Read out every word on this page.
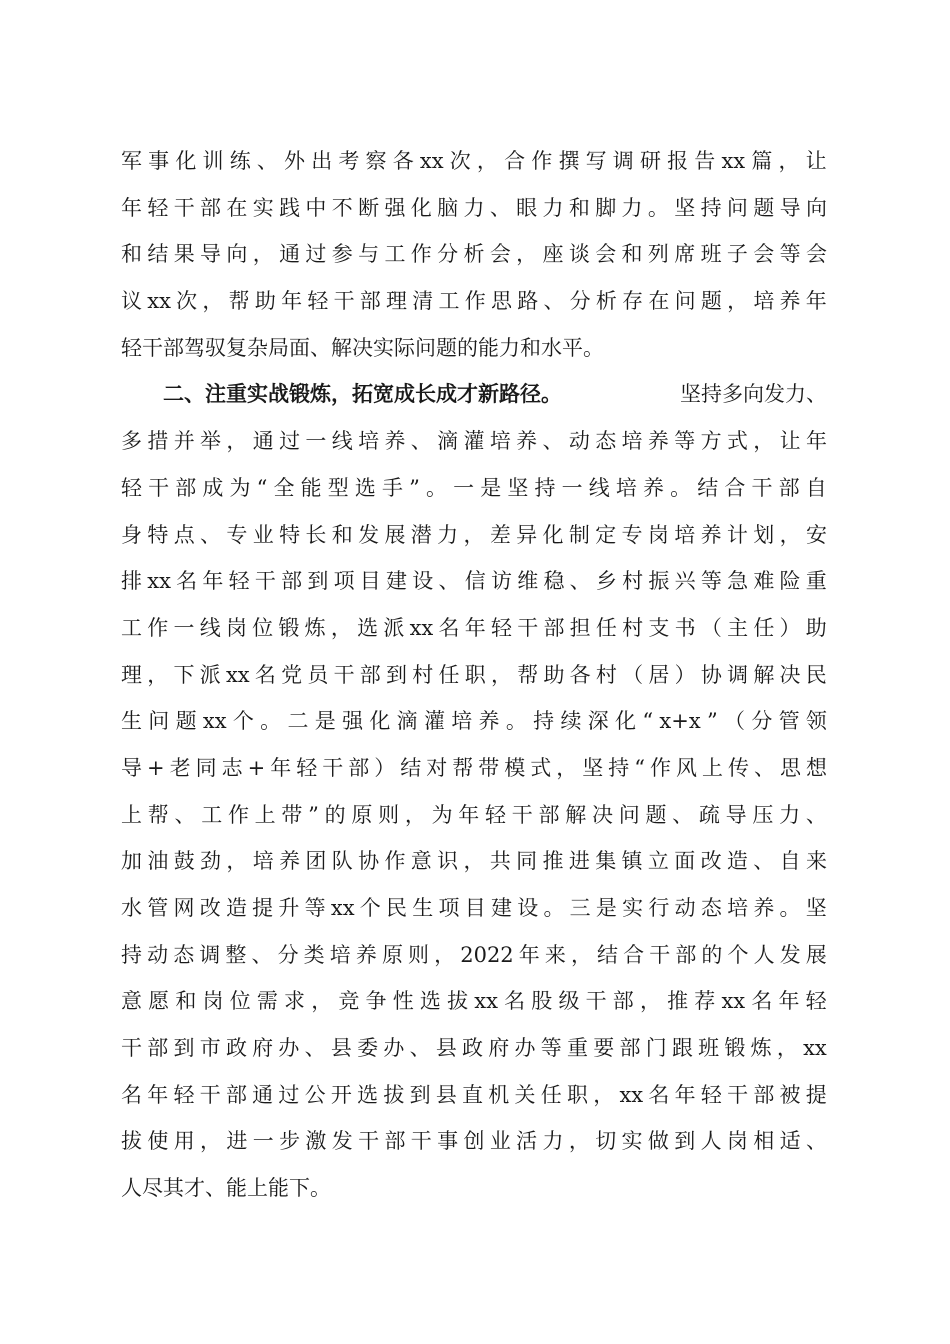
军 事 化 训 练 、 外 出 考 察 各 xx 次 ， 合 作 撰 写 调 研 报 告 xx 篇 ， 让
年 轻 干 部 在 实 践 中 不 断 强 化 脑 力 、 眼 力 和 脚 力 。 坚 持 问 题 导 向
和 结 果 导 向 ， 通 过 参 与 工 作 分 析 会 ， 座 谈 会 和 列 席 班 子 会 等 会
议 xx 次 ， 帮 助 年 轻 干 部 理 清 工 作 思 路 、 分 析 存 在 问 题 ， 培 养 年
轻干部驾驭复杂局面、解决实际问题的能力和水平。
二、注重实战锻炼，拓宽成长成才新路径。	坚持多向发力、
多 措 并 举 ， 通 过 一 线 培 养 、 滴 灌 培 养 、 动 态 培 养 等 方 式 ， 让 年
轻 干 部 成 为 “ 全 能 型 选 手 ” 。 一 是 坚 持 一 线 培 养 。 结 合 干 部 自
身 特 点 、 专 业 特 长 和 发 展 潜 力 ， 差 异 化 制 定 专 岗 培 养 计 划 ， 安
排 xx 名 年 轻 干 部 到 项 目 建 设 、 信 访 维 稳 、 乡 村 振 兴 等 急 难 险 重
工 作 一 线 岗 位 锻 炼 ， 选 派 xx 名 年 轻 干 部 担 任 村 支 书 （ 主 任 ） 助
理 ， 下 派 xx 名 党 员 干 部 到 村 任 职 ， 帮 助 各 村 （ 居 ） 协 调 解 决 民
生 问 题 xx 个 。 二 是 强 化 滴 灌 培 养 。 持 续 深 化 “ x+x ” （ 分 管 领
导 + 老 同 志 + 年 轻 干 部 ） 结 对 帮 带 模 式 ， 坚 持 “ 作 风 上 传 、 思 想
上 帮 、 工 作 上 带 ” 的 原 则 ， 为 年 轻 干 部 解 决 问 题 、 疏 导 压 力 、
加 油 鼓 劲 ， 培 养 团 队 协 作 意 识 ， 共 同 推 进 集 镇 立 面 改 造 、 自 来
水 管 网 改 造 提 升 等 xx 个 民 生 项 目 建 设 。 三 是 实 行 动 态 培 养 。 坚
持 动 态 调 整 、 分 类 培 养 原 则 ， 2022 年 来 ， 结 合 干 部 的 个 人 发 展
意 愿 和 岗 位 需 求 ， 竞 争 性 选 拔 xx 名 股 级 干 部 ， 推 荐 xx 名 年 轻
干 部 到 市 政 府 办 、 县 委 办 、 县 政 府 办 等 重 要 部 门 跟 班 锻 炼 ， xx
名 年 轻 干 部 通 过 公 开 选 拔 到 县 直 机 关 任 职 ， xx 名 年 轻 干 部 被 提
拔 使 用 ， 进 一 步 激 发 干 部 干 事 创 业 活 力 ， 切 实 做 到 人 岗 相 适 、
人尽其才、能上能下。
